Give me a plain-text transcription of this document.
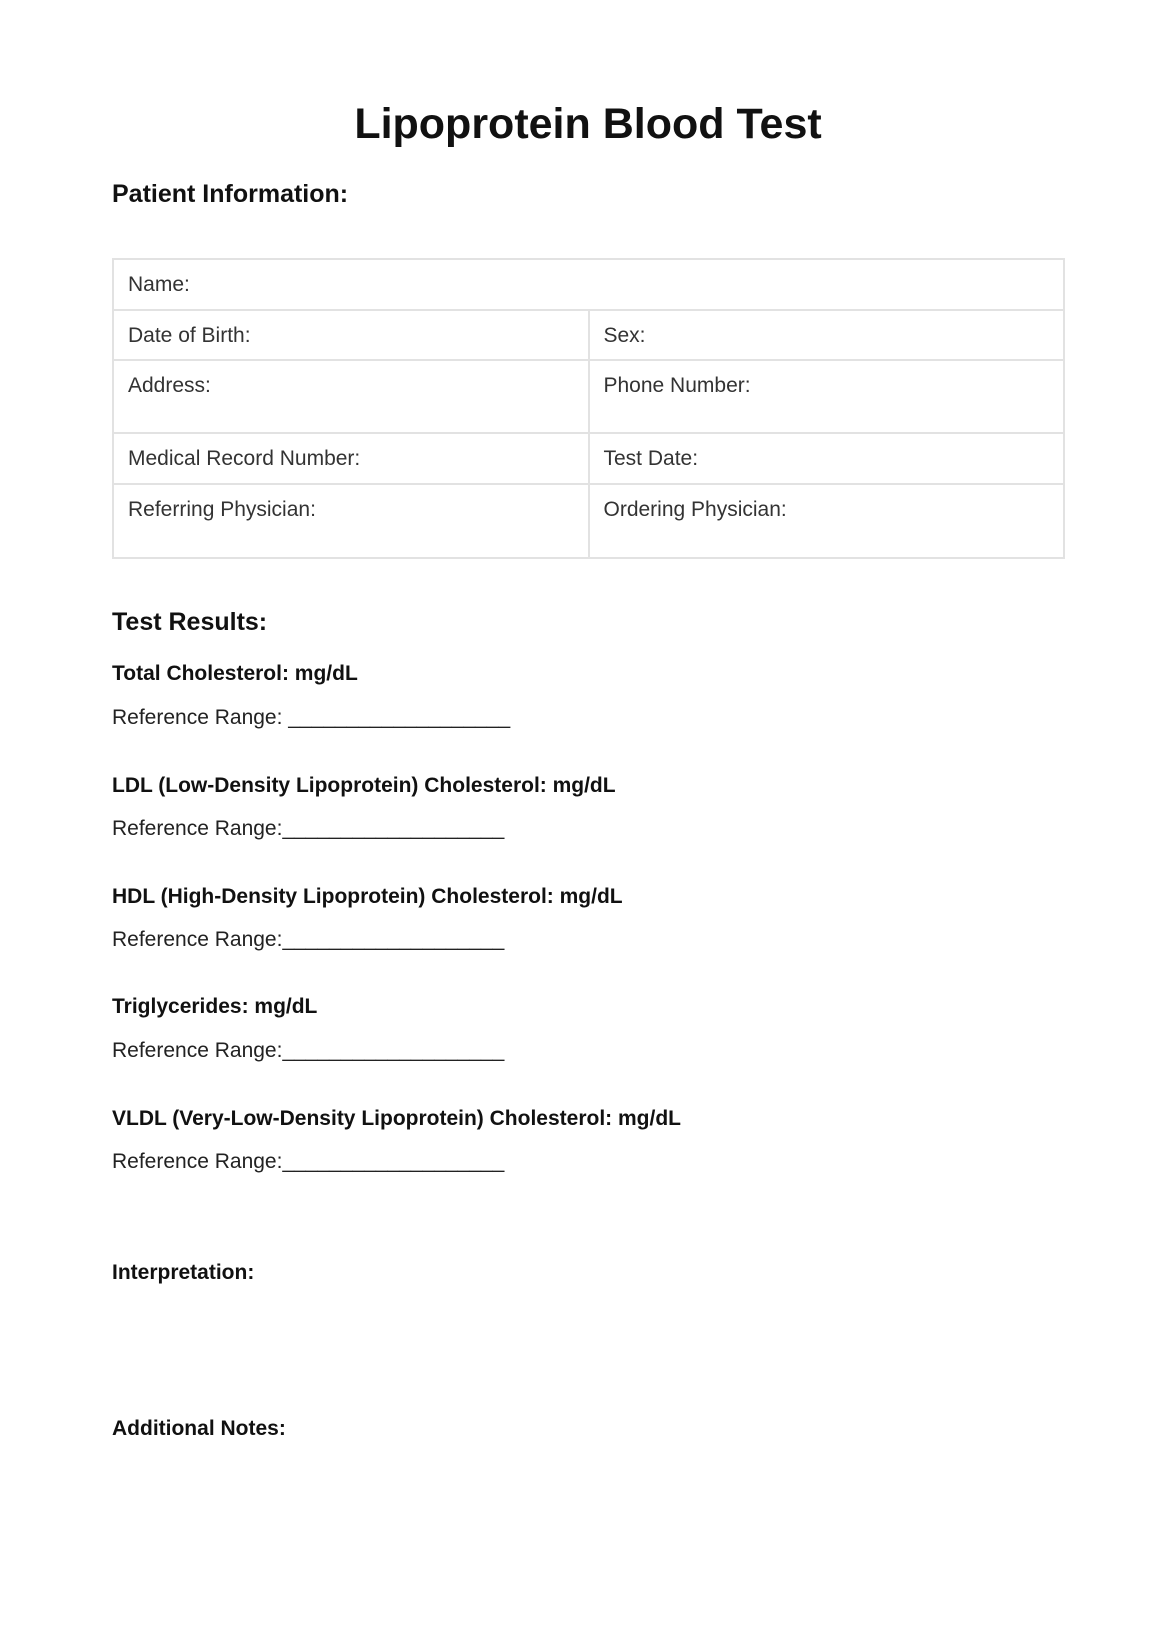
Lipoprotein Blood Test
Patient Information:
Name:	
Date of Birth:	Sex:
Address:	Phone Number:
Medical Record Number:	Test Date:
Referring Physician:	Ordering Physician:
Test Results:
Total Cholesterol: mg/dL
Reference Range: ___________________
LDL (Low-Density Lipoprotein) Cholesterol: mg/dL
Reference Range:___________________
HDL (High-Density Lipoprotein) Cholesterol: mg/dL
Reference Range:___________________
Triglycerides: mg/dL
Reference Range:___________________
VLDL (Very-Low-Density Lipoprotein) Cholesterol: mg/dL
Reference Range:___________________
Interpretation:
Additional Notes:
